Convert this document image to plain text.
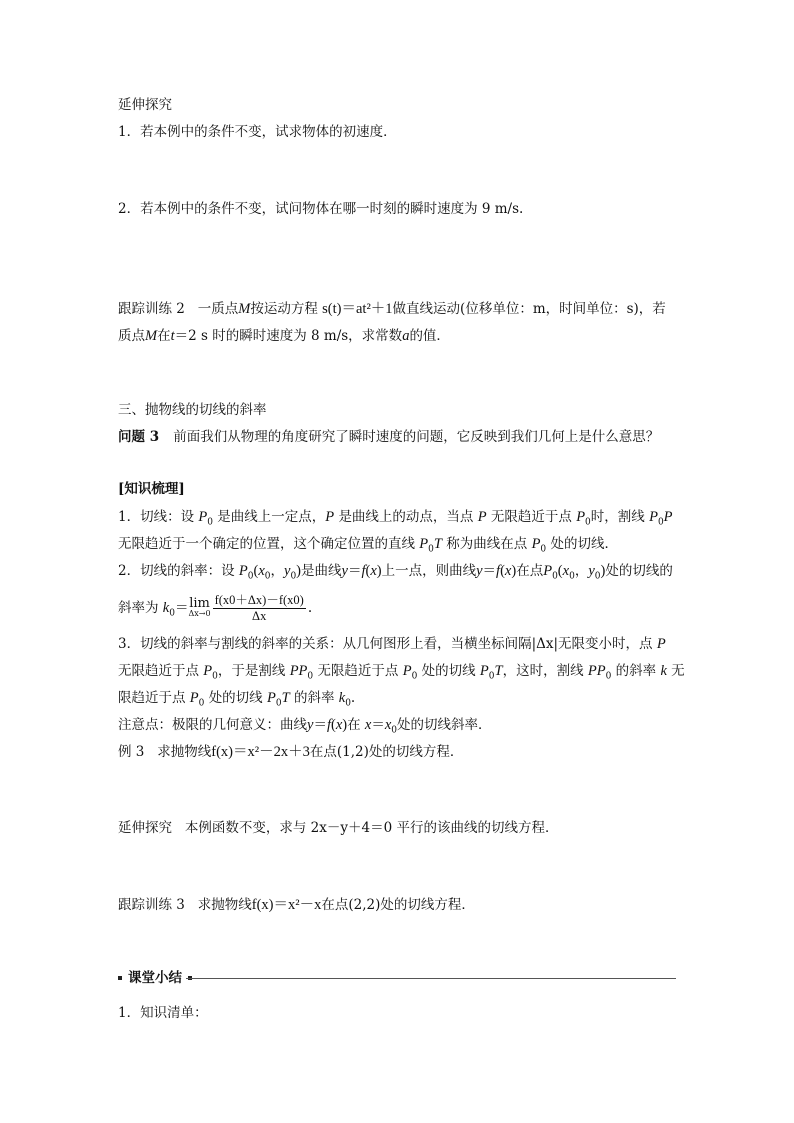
延伸探究
1．若本例中的条件不变，试求物体的初速度．
2．若本例中的条件不变，试问物体在哪一时刻的瞬时速度为 9 m/s.
跟踪训练 2 一质点M按运动方程 s(t)＝at²＋1做直线运动(位移单位：m，时间单位：s)，若
质点M在t＝2 s 时的瞬时速度为 8 m/s，求常数a的值．
三、抛物线的切线的斜率
问题 3 前面我们从物理的角度研究了瞬时速度的问题，它反映到我们几何上是什么意思？
[知识梳理]
1．切线：设 $P_0$ 是曲线上一定点，P 是曲线上的动点，当点 P 无限趋近于点 $P_0$时，割线 $P_0P$
无限趋近于一个确定的位置，这个确定位置的直线 $P_0T$ 称为曲线在点 $P_0$ 处的切线．
2．切线的斜率：设 $P_0(x_0$，$y_0$)是曲线y＝f(x)上一点，则曲线y＝f(x)在点$P_0(x_0$，$y_0$)处的切线的
斜率为 $k_0=\lim$
$\Delta x\to 0 \frac{f(x0+\Delta x)-f(x0)}{\Delta x}$ .
3．切线的斜率与割线的斜率的关系：从几何图形上看，当横坐标间隔|Δx|无限变小时，点 P
无限趋近于点 $P_0$，于是割线 $PP_0$ 无限趋近于点 $P_0$ 处的切线 $P_0T$，这时，割线 $PP_0$ 的斜率 k 无
限趋近于点 $P_0$ 处的切线 $P_0T$ 的斜率 $k_0$.
注意点：极限的几何意义：曲线y＝f(x)在 $x=x_0$处的切线斜率．
例 3 求抛物线f(x)＝x²－2x＋3在点(1,2)处的切线方程．
延伸探究 本例函数不变，求与 2x－y＋4＝0 平行的该曲线的切线方程．
跟踪训练 3 求抛物线f(x)＝x²－x在点(2,2)处的切线方程．
课堂小结
1．知识清单：
